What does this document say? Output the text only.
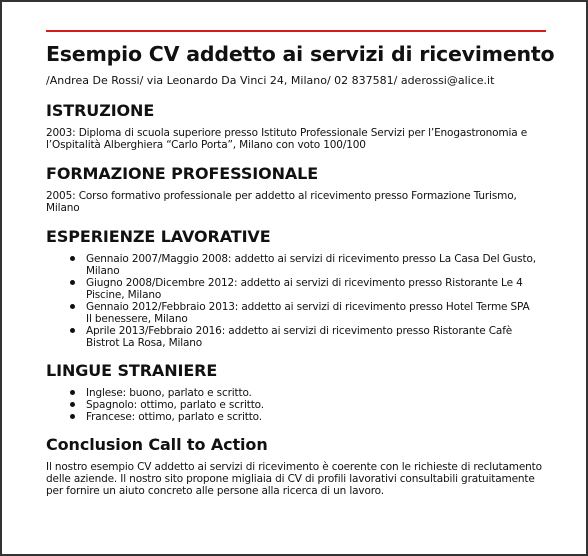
Esempio CV addetto ai servizi di ricevimento
/Andrea De Rossi/ via Leonardo Da Vinci 24, Milano/ 02 837581/ aderossi@alice.it
ISTRUZIONE
2003: Diploma di scuola superiore presso Istituto Professionale Servizi per l’Enogastronomia e l’Ospitalità Alberghiera “Carlo Porta”, Milano con voto 100/100
FORMAZIONE PROFESSIONALE
2005: Corso formativo professionale per addetto al ricevimento presso Formazione Turismo, Milano
ESPERIENZE LAVORATIVE
Gennaio 2007/Maggio 2008: addetto ai servizi di ricevimento presso La Casa Del Gusto, Milano
Giugno 2008/Dicembre 2012: addetto ai servizi di ricevimento presso Ristorante Le 4 Piscine, Milano
Gennaio 2012/Febbraio 2013: addetto ai servizi di ricevimento presso Hotel Terme SPA Il benessere, Milano
Aprile 2013/Febbraio 2016: addetto ai servizi di ricevimento presso Ristorante Cafè Bistrot La Rosa, Milano
LINGUE STRANIERE
Inglese: buono, parlato e scritto.
Spagnolo: ottimo, parlato e scritto.
Francese: ottimo, parlato e scritto.
Conclusion Call to Action
Il nostro esempio CV addetto ai servizi di ricevimento è coerente con le richieste di reclutamento delle aziende. Il nostro sito propone migliaia di CV di profili lavorativi consultabili gratuitamente per fornire un aiuto concreto alle persone alla ricerca di un lavoro.
